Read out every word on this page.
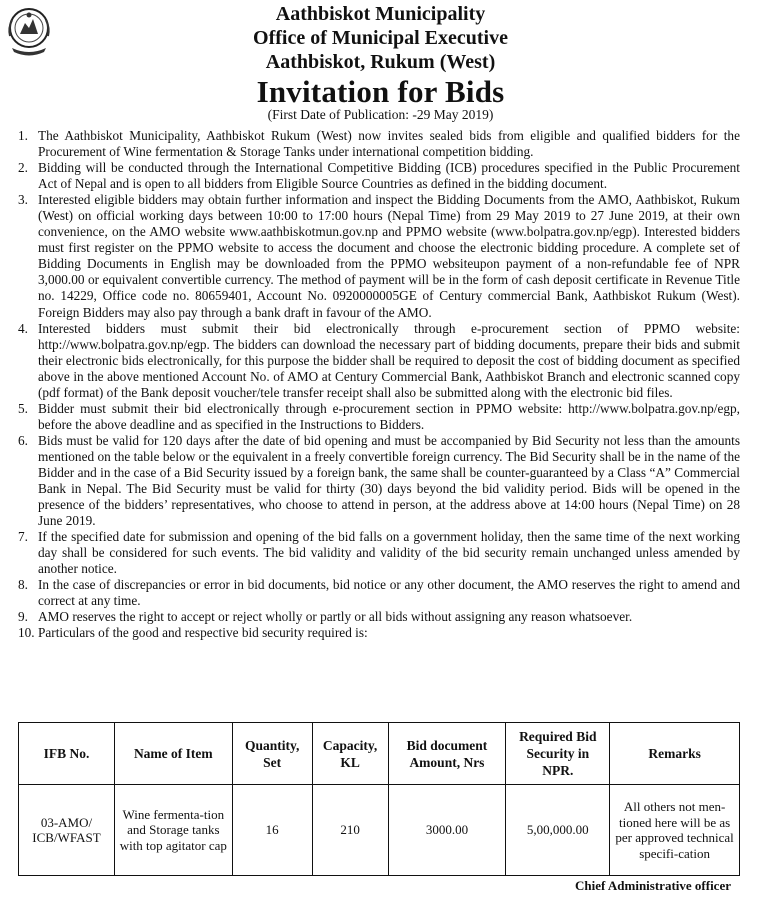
Aathbiskot Municipality
Office of Municipal Executive
Aathbiskot, Rukum (West)
Invitation for Bids
(First Date of Publication: -29 May 2019)
1. The Aathbiskot Municipality, Aathbiskot Rukum (West) now invites sealed bids from eligible and qualified bidders for the Procurement of Wine fermentation & Storage Tanks under international competition bidding.
2. Bidding will be conducted through the International Competitive Bidding (ICB) procedures specified in the Public Procurement Act of Nepal and is open to all bidders from Eligible Source Countries as defined in the bidding document.
3. Interested eligible bidders may obtain further information and inspect the Bidding Documents from the AMO, Aathbiskot, Rukum (West) on official working days between 10:00 to 17:00 hours (Nepal Time) from 29 May 2019 to 27 June 2019, at their own convenience, on the AMO website www.aathbiskotmun.gov.np and PPMO website (www.bolpatra.gov.np/egp). Interested bidders must first register on the PPMO website to access the document and choose the electronic bidding procedure. A complete set of Bidding Documents in English may be downloaded from the PPMO websiteupon payment of a non-refundable fee of NPR 3,000.00 or equivalent convertible currency. The method of payment will be in the form of cash deposit certificate in Revenue Title no. 14229, Office code no. 80659401, Account No. 0920000005GE of Century commercial Bank, Aathbiskot Rukum (West). Foreign Bidders may also pay through a bank draft in favour of the AMO.
4. Interested bidders must submit their bid electronically through e-procurement section of PPMO website: http://www.bolpatra.gov.np/egp. The bidders can download the necessary part of bidding documents, prepare their bids and submit their electronic bids electronically, for this purpose the bidder shall be required to deposit the cost of bidding document as specified above in the above mentioned Account No. of AMO at Century Commercial Bank, Aathbiskot Branch and electronic scanned copy (pdf format) of the Bank deposit voucher/tele transfer receipt shall also be submitted along with the electronic bid files.
5. Bidder must submit their bid electronically through e-procurement section in PPMO website: http://www.bolpatra.gov.np/egp, before the above deadline and as specified in the Instructions to Bidders.
6. Bids must be valid for 120 days after the date of bid opening and must be accompanied by Bid Security not less than the amounts mentioned on the table below or the equivalent in a freely convertible foreign currency. The Bid Security shall be in the name of the Bidder and in the case of a Bid Security issued by a foreign bank, the same shall be counter-guaranteed by a Class “A” Commercial Bank in Nepal. The Bid Security must be valid for thirty (30) days beyond the bid validity period. Bids will be opened in the presence of the bidders’ representatives, who choose to attend in person, at the address above at 14:00 hours (Nepal Time) on 28 June 2019.
7. If the specified date for submission and opening of the bid falls on a government holiday, then the same time of the next working day shall be considered for such events. The bid validity and validity of the bid security remain unchanged unless amended by another notice.
8. In the case of discrepancies or error in bid documents, bid notice or any other document, the AMO reserves the right to amend and correct at any time.
9. AMO reserves the right to accept or reject wholly or partly or all bids without assigning any reason whatsoever.
10. Particulars of the good and respective bid security required is:
IFB No.	Name of Item	Quantity, Set	Capacity, KL	Bid document Amount, Nrs	Required Bid Security in NPR.	Remarks
03-AMO/ ICB/WFAST	Wine fermenta-tion and Storage tanks with top agitator cap	16	210	3000.00	5,00,000.00	All others not men-tioned here will be as per approved technical specifi-cation
Chief Administrative officer
